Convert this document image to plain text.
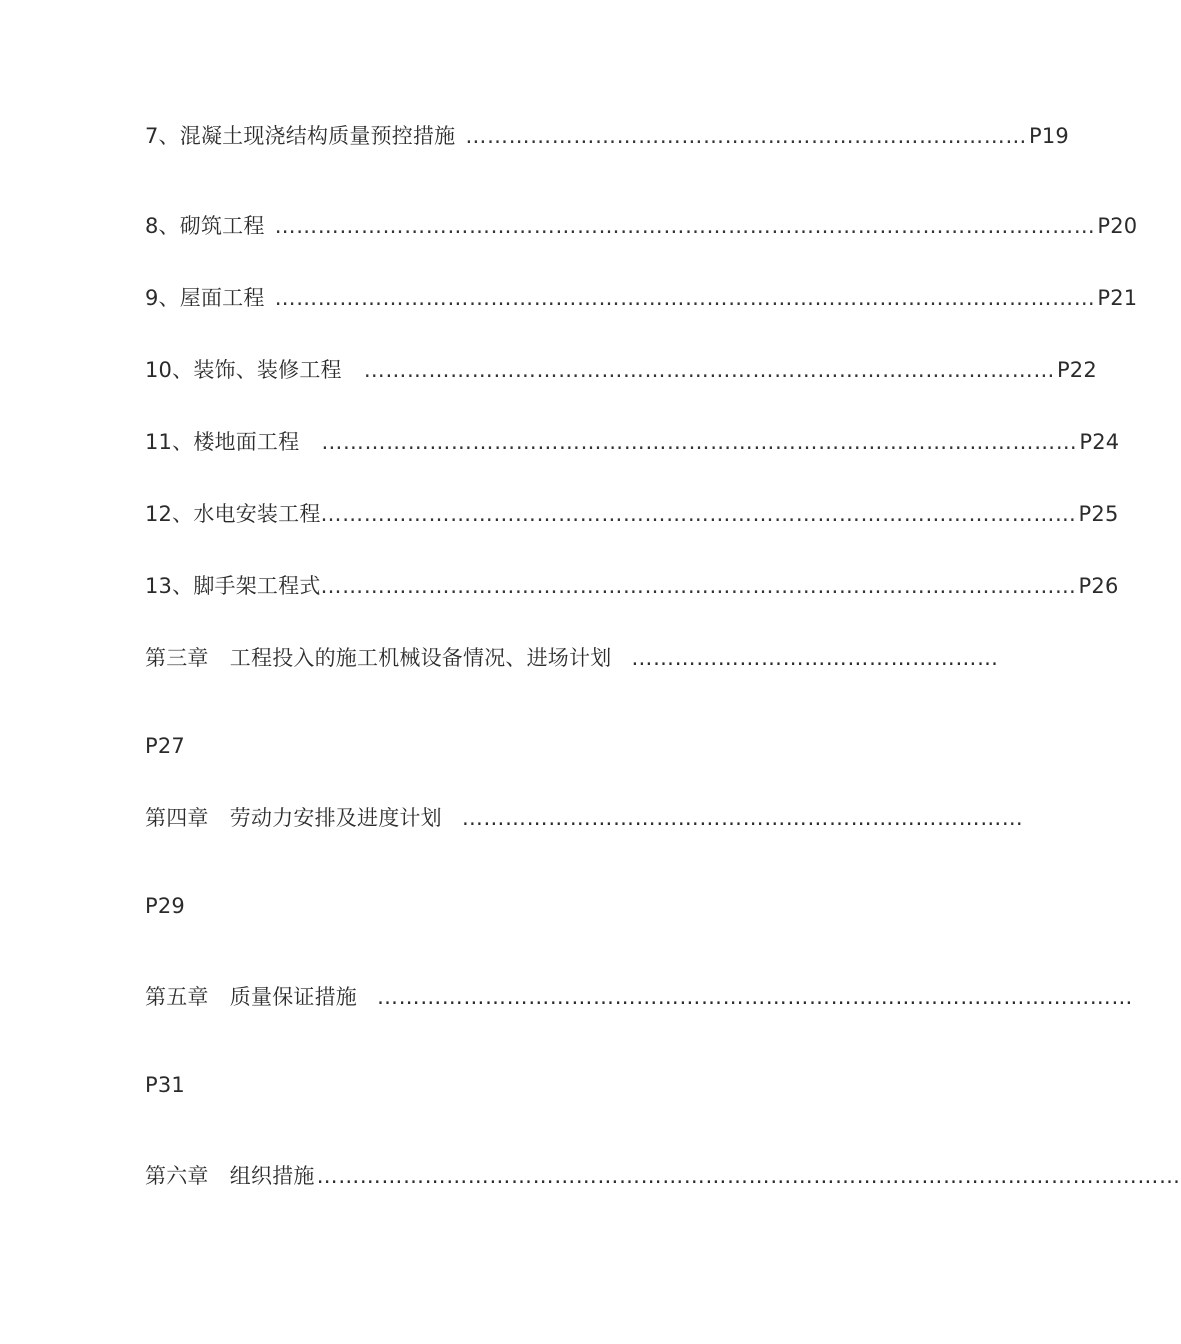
7、混凝土现浇结构质量预控措施 …………………………………………………………………… P19
8、砌筑工程 …………………………………………………………………………………………………… P20
9、屋面工程 …………………………………………………………………………………………………… P21
10、装饰、装修工程 …………………………………………………………………………………… P22
11、楼地面工程 …………………………………………………………………………………………… P24
12、水电安装工程 …………………………………………………………………………………………… P25
13、脚手架工程式 …………………………………………………………………………………………… P26
第三章　工程投入的施工机械设备情况、进场计划 ……………………………………………
P27
第四章　劳动力安排及进度计划 ……………………………………………………………………
P29
第五章　质量保证措施 ……………………………………………………………………………………………
P31
第六章　组织措施 …………………………………………………………………………………………………………
